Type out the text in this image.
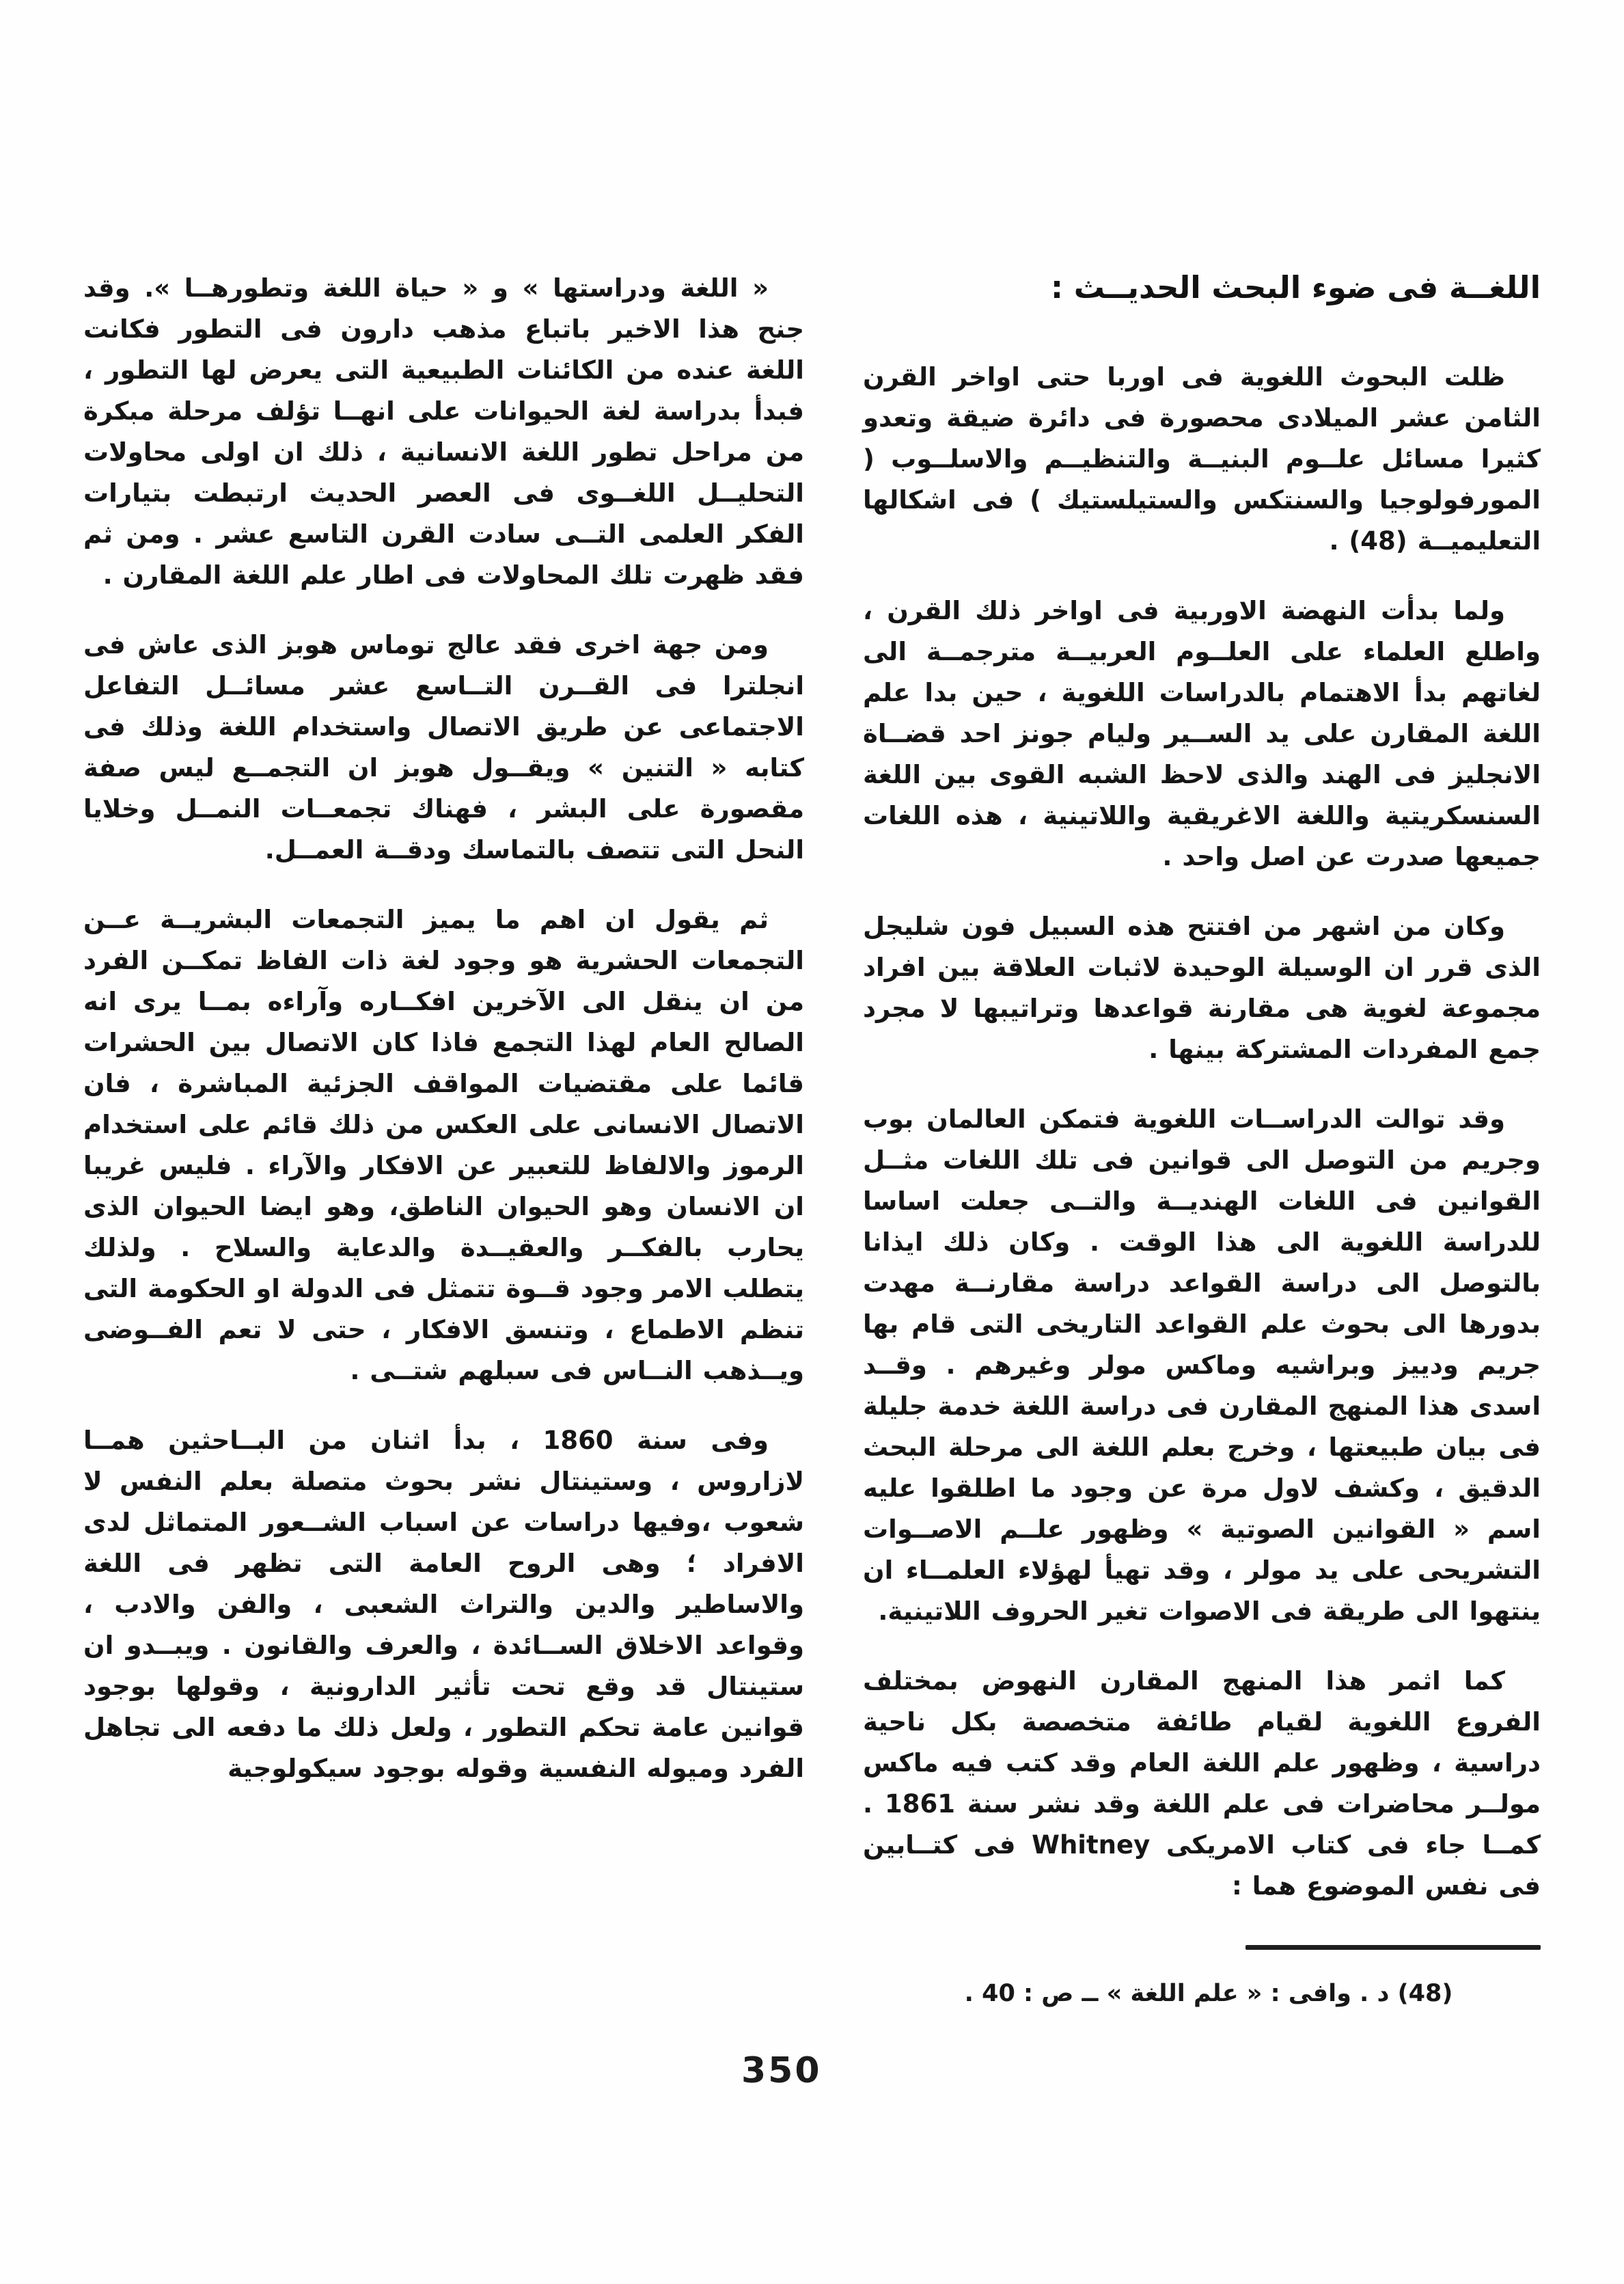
اللغــة فى ضوء البحث الحديــث :

ظلت البحوث اللغوية فى اوربا حتى اواخر القرن الثامن عشر الميلادى محصورة فى دائرة ضيقة وتعدو كثيرا مسائل علــوم البنيــة والتنظيــم والاسلــوب ( المورفولوجيا والسنتكس والستيلستيك ) فى اشكالها التعليميــة (48) .

ولما بدأت النهضة الاوربية فى اواخر ذلك القرن ، واطلع العلماء على العلــوم العربيــة مترجمــة الى لغاتهم بدأ الاهتمام بالدراسات اللغوية ، حين بدا علم اللغة المقارن على يد الســير وليام جونز احد قضــاة الانجليز فى الهند والذى لاحظ الشبه القوى بين اللغة السنسكريتية واللغة الاغريقية واللاتينية ، هذه اللغات جميعها صدرت عن اصل واحد .

وكان من اشهر من افتتح هذه السبيل فون شليجل الذى قرر ان الوسيلة الوحيدة لاثبات العلاقة بين افراد مجموعة لغوية هى مقارنة قواعدها وتراتيبها لا مجرد جمع المفردات المشتركة بينها .

وقد توالت الدراســات اللغوية فتمكن العالمان بوب وجريم من التوصل الى قوانين فى تلك اللغات مثــل القوانين فى اللغات الهنديــة والتــى جعلت اساسا للدراسة اللغوية الى هذا الوقت . وكان ذلك ايذانا بالتوصل الى دراسة القواعد دراسة مقارنــة مهدت بدورها الى بحوث علم القواعد التاريخى التى قام بها جريم ودييز وبراشيه وماكس مولر وغيرهم . وقــد اسدى هذا المنهج المقارن فى دراسة اللغة خدمة جليلة فى بيان طبيعتها ، وخرج بعلم اللغة الى مرحلة البحث الدقيق ، وكشف لاول مرة عن وجود ما اطلقوا عليه اسم « القوانين الصوتية » وظهور علــم الاصــوات التشريحى على يد مولر ، وقد تهيأ لهؤلاء العلمــاء ان ينتهوا الى طريقة فى الاصوات تغير الحروف اللاتينية.

كما اثمر هذا المنهج المقارن النهوض بمختلف الفروع اللغوية لقيام طائفة متخصصة بكل ناحية دراسية ، وظهور علم اللغة العام وقد كتب فيه ماكس مولــر محاضرات فى علم اللغة وقد نشر سنة 1861 . كمــا جاء فى كتاب الامريكى Whitney فى كتــابين فى نفس الموضوع هما :

(48) د . وافى : « علم اللغة » ــ ص : 40 .

« اللغة ودراستها » و « حياة اللغة وتطورهــا ». وقد جنح هذا الاخير باتباع مذهب دارون فى التطور فكانت اللغة عنده من الكائنات الطبيعية التى يعرض لها التطور ، فبدأ بدراسة لغة الحيوانات على انهــا تؤلف مرحلة مبكرة من مراحل تطور اللغة الانسانية ، ذلك ان اولى محاولات التحليــل اللغــوى فى العصر الحديث ارتبطت بتيارات الفكر العلمى التــى سادت القرن التاسع عشر . ومن ثم فقد ظهرت تلك المحاولات فى اطار علم اللغة المقارن .

ومن جهة اخرى فقد عالج توماس هوبز الذى عاش فى انجلترا فى القــرن التــاسع عشر مسائــل التفاعل الاجتماعى عن طريق الاتصال واستخدام اللغة وذلك فى كتابه « التنين » ويقــول هوبز ان التجمــع ليس صفة مقصورة على البشر ، فهناك تجمعــات النمــل وخلايا النحل التى تتصف بالتماسك ودقــة العمــل.

ثم يقول ان اهم ما يميز التجمعات البشريــة عــن التجمعات الحشرية هو وجود لغة ذات الفاظ تمكــن الفرد من ان ينقل الى الآخرين افكــاره وآراءه بمــا يرى انه الصالح العام لهذا التجمع فاذا كان الاتصال بين الحشرات قائما على مقتضيات المواقف الجزئية المباشرة ، فان الاتصال الانسانى على العكس من ذلك قائم على استخدام الرموز والالفاظ للتعبير عن الافكار والآراء . فليس غريبا ان الانسان وهو الحيوان الناطق، وهو ايضا الحيوان الذى يحارب بالفكــر والعقيــدة والدعاية والسلاح . ولذلك يتطلب الامر وجود قــوة تتمثل فى الدولة او الحكومة التى تنظم الاطماع ، وتنسق الافكار ، حتى لا تعم الفــوضى ويــذهب النــاس فى سبلهم شتــى .

وفى سنة 1860 ، بدأ اثنان من البــاحثين همــا لازاروس ، وستينتال نشر بحوث متصلة بعلم النفس لا شعوب ،وفيها دراسات عن اسباب الشــعور المتماثل لدى الافراد ؛ وهى الروح العامة التى تظهر فى اللغة والاساطير والدين والتراث الشعبى ، والفن والادب ، وقواعد الاخلاق الســائدة ، والعرف والقانون . ويبــدو ان ستينتال قد وقع تحت تأثير الدارونية ، وقولها بوجود قوانين عامة تحكم التطور ، ولعل ذلك ما دفعه الى تجاهل الفرد وميوله النفسية وقوله بوجود سيكولوجية

350
